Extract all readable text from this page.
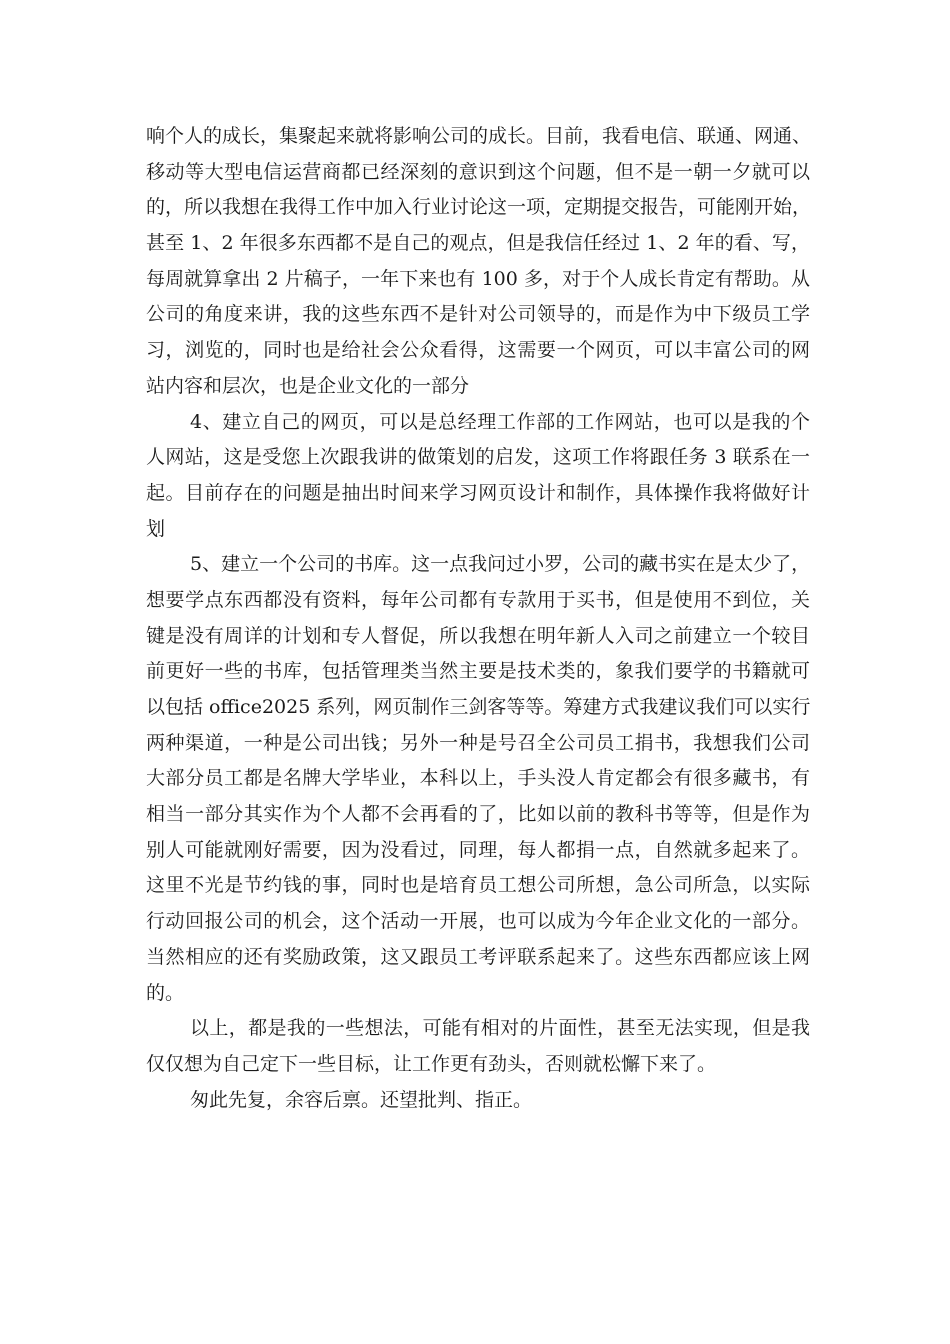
响个人的成长，集聚起来就将影响公司的成长。目前，我看电信、联通、网通、
移动等大型电信运营商都已经深刻的意识到这个问题，但不是一朝一夕就可以
的，所以我想在我得工作中加入行业讨论这一项，定期提交报告，可能刚开始，
甚至 1、2 年很多东西都不是自己的观点，但是我信任经过 1、2 年的看、写，
每周就算拿出 2 片稿子，一年下来也有 100 多，对于个人成长肯定有帮助。从
公司的角度来讲，我的这些东西不是针对公司领导的，而是作为中下级员工学
习，浏览的，同时也是给社会公众看得，这需要一个网页，可以丰富公司的网
站内容和层次，也是企业文化的一部分
4、建立自己的网页，可以是总经理工作部的工作网站，也可以是我的个
人网站，这是受您上次跟我讲的做策划的启发，这项工作将跟任务 3 联系在一
起。目前存在的问题是抽出时间来学习网页设计和制作，具体操作我将做好计
划
5、建立一个公司的书库。这一点我问过小罗，公司的藏书实在是太少了，
想要学点东西都没有资料，每年公司都有专款用于买书，但是使用不到位，关
键是没有周详的计划和专人督促，所以我想在明年新人入司之前建立一个较目
前更好一些的书库，包括管理类当然主要是技术类的，象我们要学的书籍就可
以包括 office2025 系列，网页制作三剑客等等。筹建方式我建议我们可以实行
两种渠道，一种是公司出钱；另外一种是号召全公司员工捐书，我想我们公司
大部分员工都是名牌大学毕业，本科以上，手头没人肯定都会有很多藏书，有
相当一部分其实作为个人都不会再看的了，比如以前的教科书等等，但是作为
别人可能就刚好需要，因为没看过，同理，每人都捐一点，自然就多起来了。
这里不光是节约钱的事，同时也是培育员工想公司所想，急公司所急，以实际
行动回报公司的机会，这个活动一开展，也可以成为今年企业文化的一部分。
当然相应的还有奖励政策，这又跟员工考评联系起来了。这些东西都应该上网
的。
以上，都是我的一些想法，可能有相对的片面性，甚至无法实现，但是我
仅仅想为自己定下一些目标，让工作更有劲头，否则就松懈下来了。
匆此先复，余容后禀。还望批判、指正。
